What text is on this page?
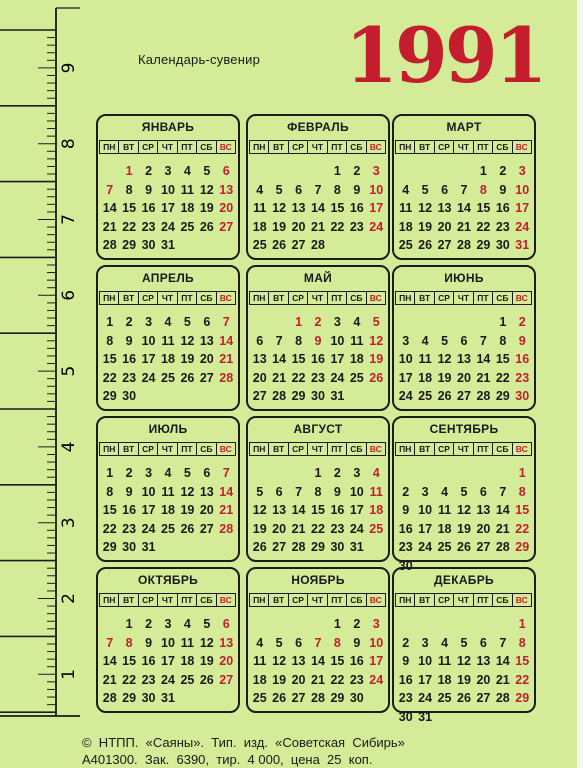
1
2
3
4
5
6
7
8
9
Календарь-сувенир 1991
ЯНВАРЬ
ПН ВТ СР ЧТ ПТ СБ ВС
1 2 3 4 5 6
7 8 9 10 11 12 13
14 15 16 17 18 19 20
21 22 23 24 25 26 27
28 29 30 31
ФЕВРАЛЬ
ПН ВТ СР ЧТ ПТ СБ ВС
1 2 3
4 5 6 7 8 9 10
11 12 13 14 15 16 17
18 19 20 21 22 23 24
25 26 27 28
МАРТ
ПН ВТ СР ЧТ ПТ СБ ВС
1 2 3
4 5 6 7 8 9 10
11 12 13 14 15 16 17
18 19 20 21 22 23 24
25 26 27 28 29 30 31
АПРЕЛЬ
ПН ВТ СР ЧТ ПТ СБ ВС
1 2 3 4 5 6 7
8 9 10 11 12 13 14
15 16 17 18 19 20 21
22 23 24 25 26 27 28
29 30
МАЙ
ПН ВТ СР ЧТ ПТ СБ ВС
1 2 3 4 5
6 7 8 9 10 11 12
13 14 15 16 17 18 19
20 21 22 23 24 25 26
27 28 29 30 31
ИЮНЬ
ПН ВТ СР ЧТ ПТ СБ ВС
1 2
3 4 5 6 7 8 9
10 11 12 13 14 15 16
17 18 19 20 21 22 23
24 25 26 27 28 29 30
ИЮЛЬ
ПН ВТ СР ЧТ ПТ СБ ВС
1 2 3 4 5 6 7
8 9 10 11 12 13 14
15 16 17 18 19 20 21
22 23 24 25 26 27 28
29 30 31
АВГУСТ
ПН ВТ СР ЧТ ПТ СБ ВС
1 2 3 4
5 6 7 8 9 10 11
12 13 14 15 16 17 18
19 20 21 22 23 24 25
26 27 28 29 30 31
СЕНТЯБРЬ
ПН ВТ СР ЧТ ПТ СБ ВС
1
2 3 4 5 6 7 8
9 10 11 12 13 14 15
16 17 18 19 20 21 22
23 24 25 26 27 28 29
30
ОКТЯБРЬ
ПН ВТ СР ЧТ ПТ СБ ВС
1 2 3 4 5 6
7 8 9 10 11 12 13
14 15 16 17 18 19 20
21 22 23 24 25 26 27
28 29 30 31
НОЯБРЬ
ПН ВТ СР ЧТ ПТ СБ ВС
1 2 3
4 5 6 7 8 9 10
11 12 13 14 15 16 17
18 19 20 21 22 23 24
25 26 27 28 29 30
ДЕКАБРЬ
ПН ВТ СР ЧТ ПТ СБ ВС
1
2 3 4 5 6 7 8
9 10 11 12 13 14 15
16 17 18 19 20 21 22
23 24 25 26 27 28 29
30 31
©  НТПП.  «Саяны».  Тип.  изд.  «Советская  Сибирь»
А401300.  Зак.  6390,  тир.  4 000,  цена  25  коп.
